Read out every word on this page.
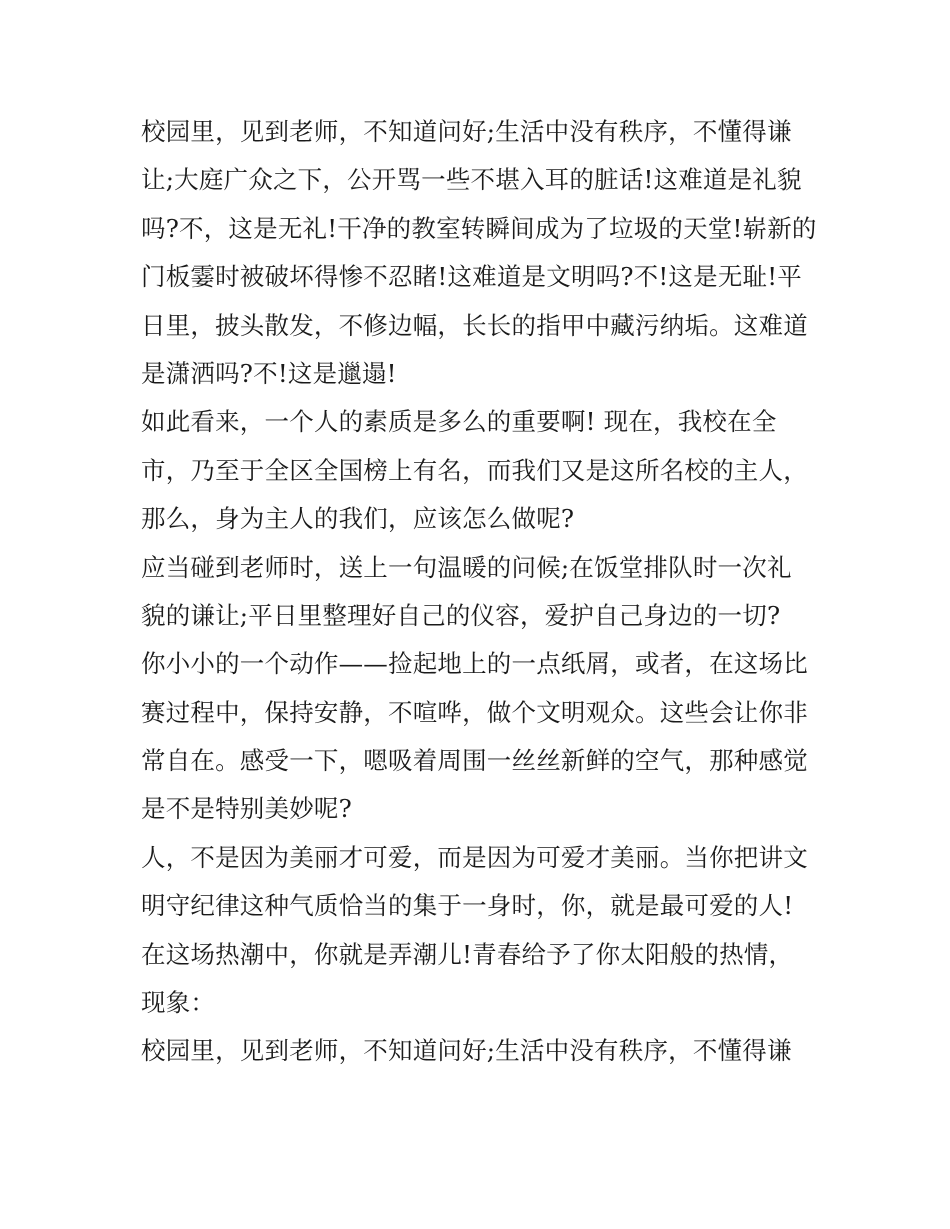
校园里，见到老师，不知道问好;生活中没有秩序，不懂得谦
让;大庭广众之下，公开骂一些不堪入耳的脏话!这难道是礼貌
吗?不，这是无礼!干净的教室转瞬间成为了垃圾的天堂!崭新的
门板霎时被破坏得惨不忍睹!这难道是文明吗?不!这是无耻!平
日里，披头散发，不修边幅，长长的指甲中藏污纳垢。这难道
是潇洒吗?不!这是邋遢!
如此看来，一个人的素质是多么的重要啊! 现在，我校在全
市，乃至于全区全国榜上有名，而我们又是这所名校的主人，
那么，身为主人的我们，应该怎么做呢?
应当碰到老师时，送上一句温暖的问候;在饭堂排队时一次礼
貌的谦让;平日里整理好自己的仪容，爱护自己身边的一切?
你小小的一个动作——捡起地上的一点纸屑，或者，在这场比
赛过程中，保持安静，不喧哗，做个文明观众。这些会让你非
常自在。感受一下，嗯吸着周围一丝丝新鲜的空气，那种感觉
是不是特别美妙呢?
人，不是因为美丽才可爱，而是因为可爱才美丽。当你把讲文
明守纪律这种气质恰当的集于一身时，你，就是最可爱的人!
在这场热潮中，你就是弄潮儿!青春给予了你太阳般的热情，
现象：
校园里，见到老师，不知道问好;生活中没有秩序，不懂得谦
